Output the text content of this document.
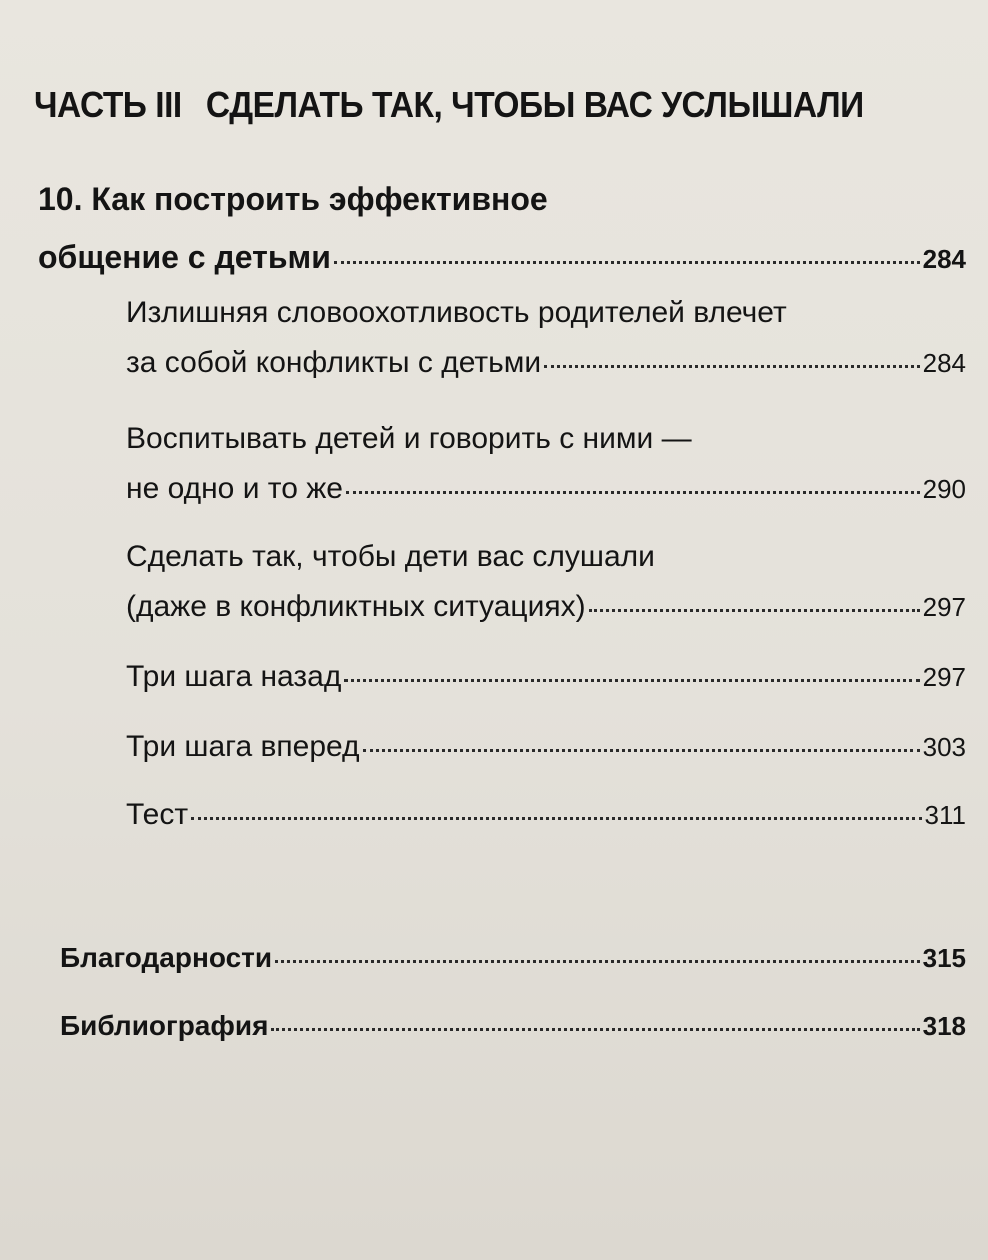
ЧАСТЬ III СДЕЛАТЬ ТАК, ЧТОБЫ ВАС УСЛЫШАЛИ
10. Как построить эффективное
общение с детьми	284
Излишняя словоохотливость родителей влечет
за собой конфликты с детьми	284
Воспитывать детей и говорить с ними —
не одно и то же	290
Сделать так, чтобы дети вас слушали
(даже в конфликтных ситуациях)	297
Три шага назад	297
Три шага вперед	303
Тест	311
Благодарности	315
Библиография	318
